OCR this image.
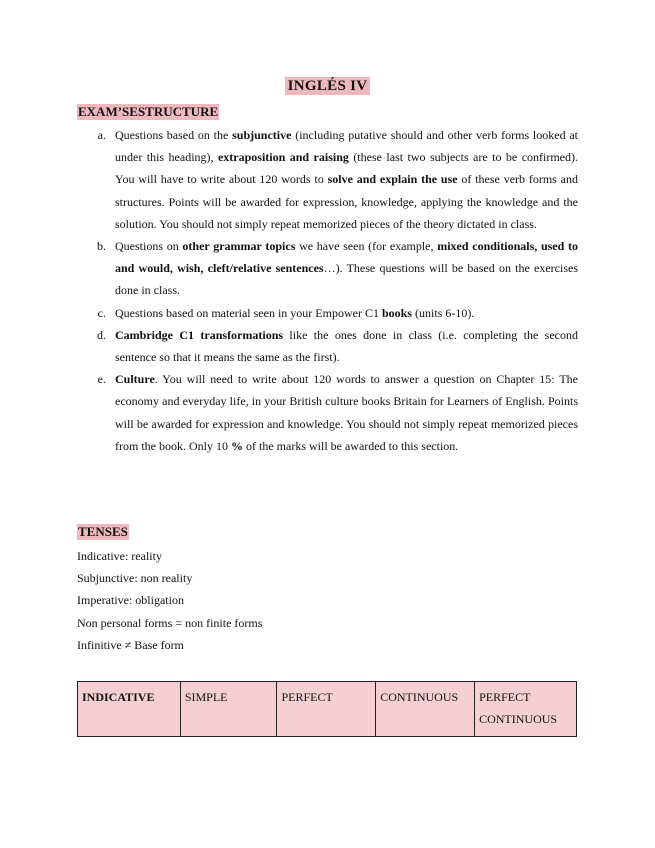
INGLÉS IV
EXAM’SESTRUCTURE
a. Questions based on the subjunctive (including putative should and other verb forms looked at under this heading), extraposition and raising (these last two subjects are to be confirmed). You will have to write about 120 words to solve and explain the use of these verb forms and structures. Points will be awarded for expression, knowledge, applying the knowledge and the solution. You should not simply repeat memorized pieces of the theory dictated in class.
b. Questions on other grammar topics we have seen (for example, mixed conditionals, used to and would, wish, cleft/relative sentences…). These questions will be based on the exercises done in class.
c. Questions based on material seen in your Empower C1 books (units 6-10).
d. Cambridge C1 transformations like the ones done in class (i.e. completing the second sentence so that it means the same as the first).
e. Culture. You will need to write about 120 words to answer a question on Chapter 15: The economy and everyday life, in your British culture books Britain for Learners of English. Points will be awarded for expression and knowledge. You should not simply repeat memorized pieces from the book. Only 10 % of the marks will be awarded to this section.
TENSES
Indicative: reality
Subjunctive: non reality
Imperative: obligation
Non personal forms = non finite forms
Infinitive ≠ Base form
INDICATIVE	SIMPLE	PERFECT	CONTINUOUS	PERFECT CONTINUOUS
